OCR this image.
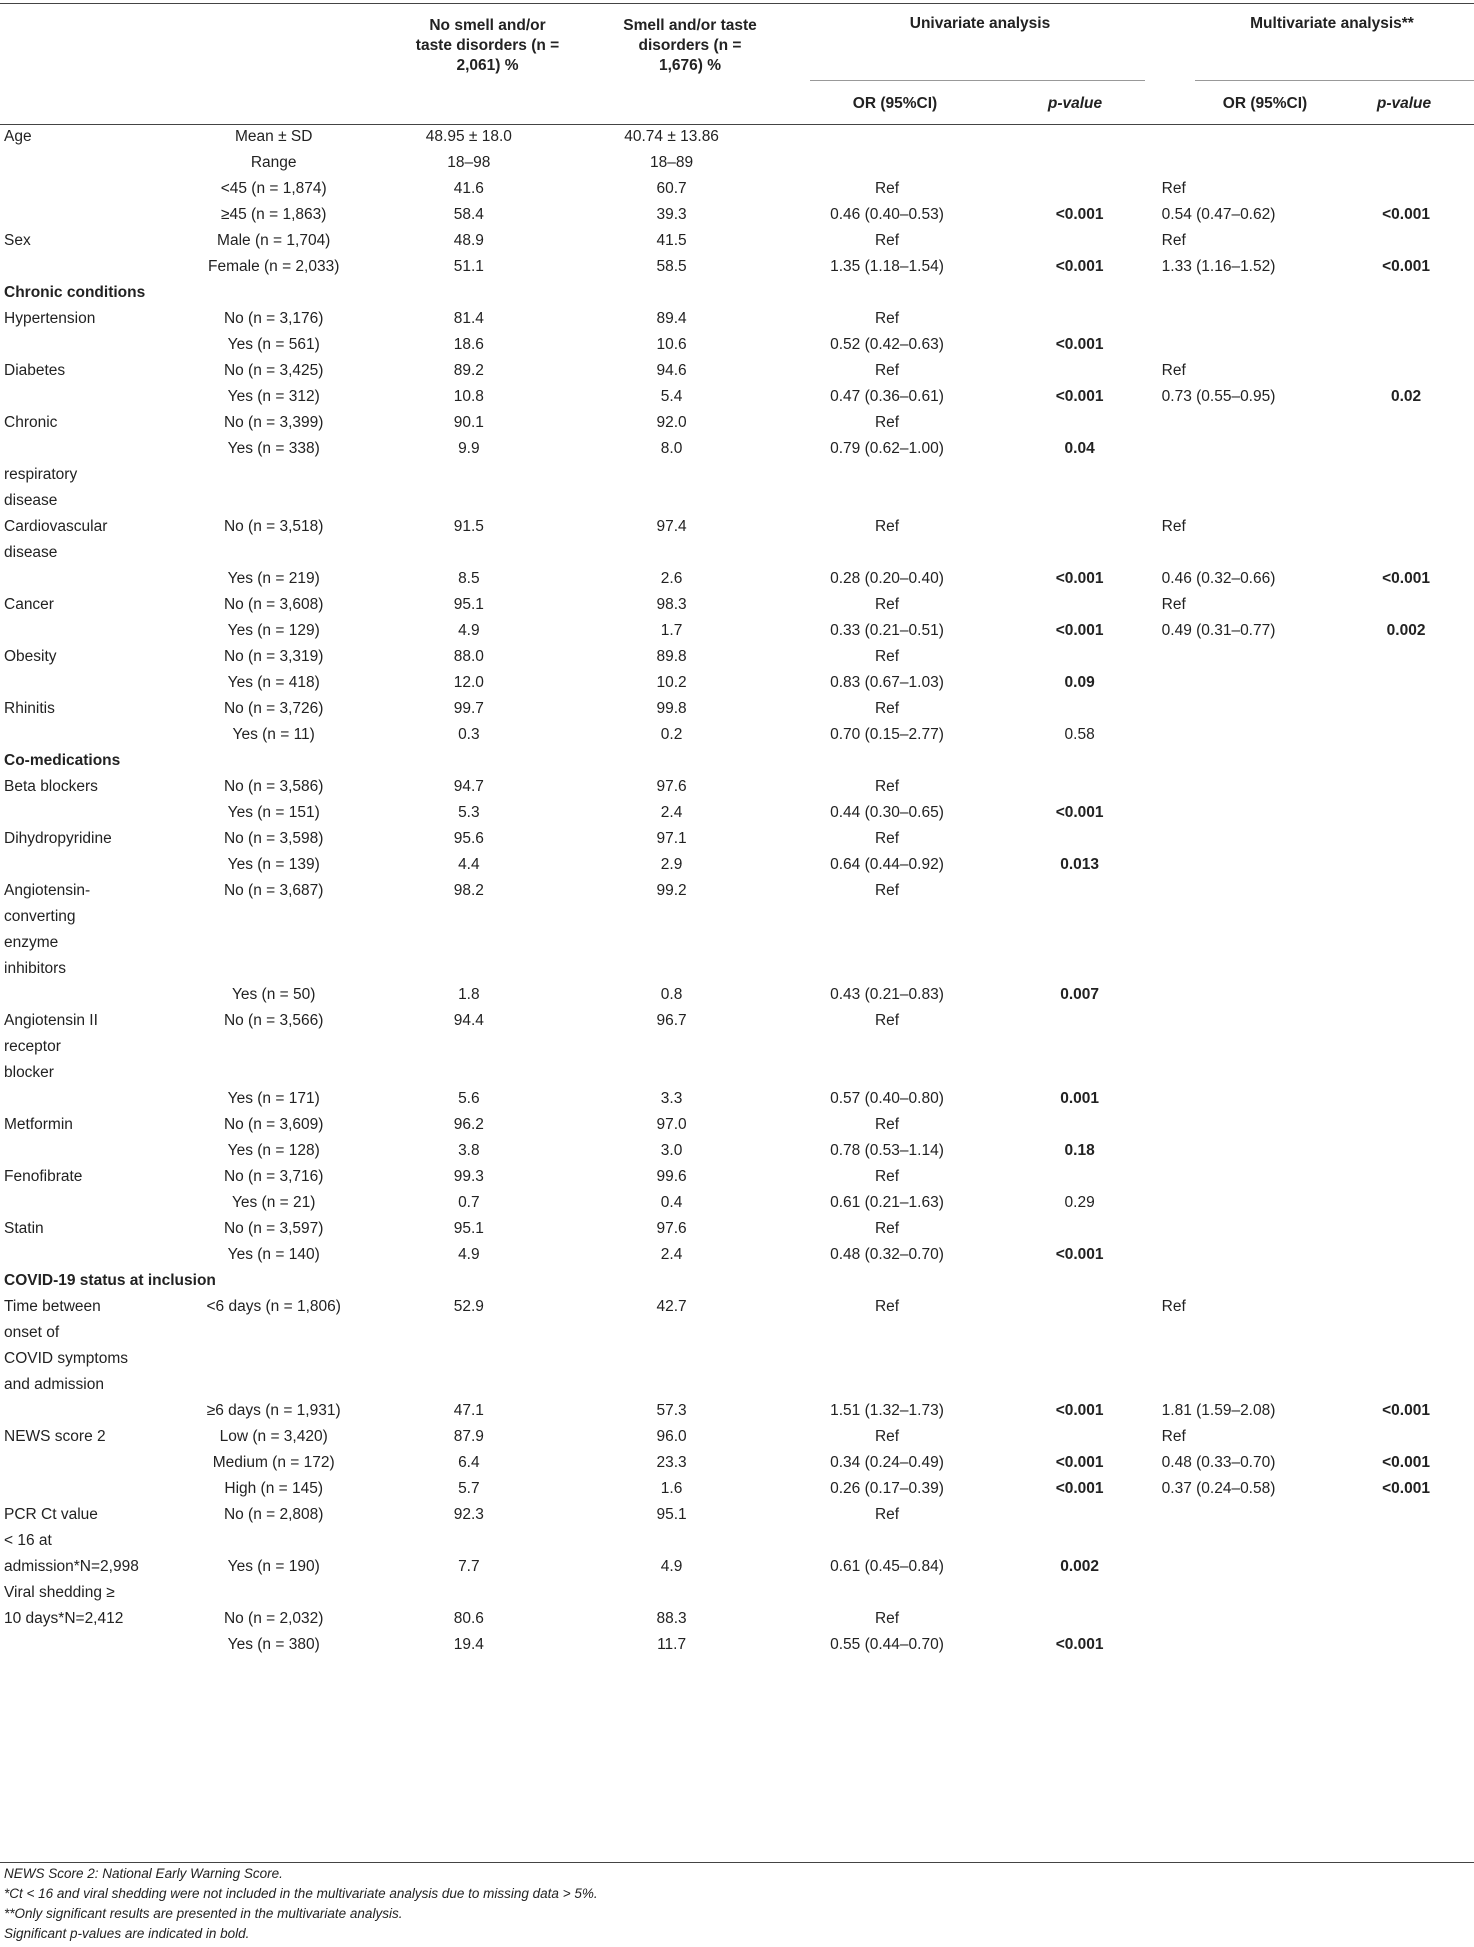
No smell and/or taste disorders (n = 2,061) %
Smell and/or taste disorders (n = 1,676) %
Univariate analysis	Multivariate analysis**
OR (95%CI)	p-value	OR (95%CI)	p-value
Age	Mean ± SD	48.95 ± 18.0	40.74 ± 13.86				
	Range	18–98	18–89				
	<45 (n = 1,874)	41.6	60.7	Ref		Ref	
	≥45 (n = 1,863)	58.4	39.3	0.46 (0.40–0.53)	<0.001	0.54 (0.47–0.62)	<0.001
Sex	Male (n = 1,704)	48.9	41.5	Ref		Ref	
	Female (n = 2,033)	51.1	58.5	1.35 (1.18–1.54)	<0.001	1.33 (1.16–1.52)	<0.001
Chronic conditions							
Hypertension	No (n = 3,176)	81.4	89.4	Ref			
	Yes (n = 561)	18.6	10.6	0.52 (0.42–0.63)	<0.001		
Diabetes	No (n = 3,425)	89.2	94.6	Ref		Ref	
	Yes (n = 312)	10.8	5.4	0.47 (0.36–0.61)	<0.001	0.73 (0.55–0.95)	0.02
Chronic	No (n = 3,399)	90.1	92.0	Ref			
	Yes (n = 338)	9.9	8.0	0.79 (0.62–1.00)	0.04		
respiratory							
disease							
Cardiovascular	No (n = 3,518)	91.5	97.4	Ref		Ref	
disease							
	Yes (n = 219)	8.5	2.6	0.28 (0.20–0.40)	<0.001	0.46 (0.32–0.66)	<0.001
Cancer	No (n = 3,608)	95.1	98.3	Ref		Ref	
	Yes (n = 129)	4.9	1.7	0.33 (0.21–0.51)	<0.001	0.49 (0.31–0.77)	0.002
Obesity	No (n = 3,319)	88.0	89.8	Ref			
	Yes (n = 418)	12.0	10.2	0.83 (0.67–1.03)	0.09		
Rhinitis	No (n = 3,726)	99.7	99.8	Ref			
	Yes (n = 11)	0.3	0.2	0.70 (0.15–2.77)	0.58		
Co-medications							
Beta blockers	No (n = 3,586)	94.7	97.6	Ref			
	Yes (n = 151)	5.3	2.4	0.44 (0.30–0.65)	<0.001		
Dihydropyridine	No (n = 3,598)	95.6	97.1	Ref			
	Yes (n = 139)	4.4	2.9	0.64 (0.44–0.92)	0.013		
Angiotensin-	No (n = 3,687)	98.2	99.2	Ref			
converting							
enzyme							
inhibitors							
	Yes (n = 50)	1.8	0.8	0.43 (0.21–0.83)	0.007		
Angiotensin II	No (n = 3,566)	94.4	96.7	Ref			
receptor							
blocker							
	Yes (n = 171)	5.6	3.3	0.57 (0.40–0.80)	0.001		
Metformin	No (n = 3,609)	96.2	97.0	Ref			
	Yes (n = 128)	3.8	3.0	0.78 (0.53–1.14)	0.18		
Fenofibrate	No (n = 3,716)	99.3	99.6	Ref			
	Yes (n = 21)	0.7	0.4	0.61 (0.21–1.63)	0.29		
Statin	No (n = 3,597)	95.1	97.6	Ref			
	Yes (n = 140)	4.9	2.4	0.48 (0.32–0.70)	<0.001		
COVID-19 status at inclusion							
Time between	<6 days (n = 1,806)	52.9	42.7	Ref		Ref	
onset of							
COVID symptoms							
and admission							
	≥6 days (n = 1,931)	47.1	57.3	1.51 (1.32–1.73)	<0.001	1.81 (1.59–2.08)	<0.001
NEWS score 2	Low (n = 3,420)	87.9	96.0	Ref		Ref	
	Medium (n = 172)	6.4	23.3	0.34 (0.24–0.49)	<0.001	0.48 (0.33–0.70)	<0.001
	High (n = 145)	5.7	1.6	0.26 (0.17–0.39)	<0.001	0.37 (0.24–0.58)	<0.001
PCR Ct value	No (n = 2,808)	92.3	95.1	Ref			
< 16 at							
admission*N=2,998	Yes (n = 190)	7.7	4.9	0.61 (0.45–0.84)	0.002		
Viral shedding ≥							
10 days*N=2,412	No (n = 2,032)	80.6	88.3	Ref			
	Yes (n = 380)	19.4	11.7	0.55 (0.44–0.70)	<0.001		
NEWS Score 2: National Early Warning Score.
*Ct < 16 and viral shedding were not included in the multivariate analysis due to missing data > 5%.
**Only significant results are presented in the multivariate analysis.
Significant p-values are indicated in bold.
